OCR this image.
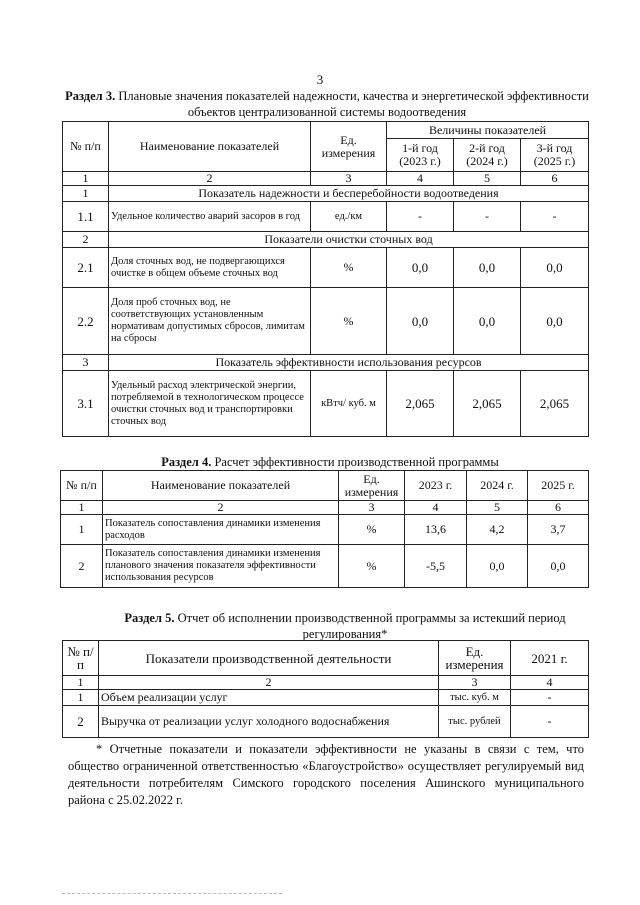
3
Раздел 3. Плановые значения показателей надежности, качества и энергетической эффективности объектов централизованной системы водоотведения
№ п/п	Наименование показателей	Ед. измерения	Величины показателей		
			1-й год (2023 г.)	2-й год (2024 г.)	3-й год (2025 г.)
1	2	3	4	5	6
1	Показатель надежности и бесперебойности водоотведения				
1.1	Удельное количество аварий засоров в год	ед./км	-	-	-
2	Показатели очистки сточных вод				
2.1	Доля сточных вод, не подвергающихся очистке в общем объеме сточных вод	%	0,0	0,0	0,0
2.2	Доля проб сточных вод, не соответствующих установленным нормативам допустимых сбросов, лимитам на сбросы	%	0,0	0,0	0,0
3	Показатель эффективности использования ресурсов				
3.1	Удельный расход электрической энергии, потребляемой в технологическом процессе очистки сточных вод и транспортировки сточных вод	кВтч/ куб. м	2,065	2,065	2,065
Раздел 4. Расчет эффективности производственной программы
№ п/п	Наименование показателей	Ед. измерения	2023 г.	2024 г.	2025 г.
1	2	3	4	5	6
1	Показатель сопоставления динамики изменения расходов	%	13,6	4,2	3,7
2	Показатель сопоставления динамики изменения планового значения показателя эффективности использования ресурсов	%	-5,5	0,0	0,0
Раздел 5. Отчет об исполнении производственной программы за истекший период регулирования*
№ п/п	Показатели производственной деятельности	Ед. измерения	2021 г.
1	2	3	4
1	Объем реализации услуг	тыс. куб. м	-
2	Выручка от реализации услуг холодного водоснабжения	тыс. рублей	-

* Отчетные показатели и показатели эффективности не указаны в связи с тем, что общество ограниченной ответственностью «Благоустройство» осуществляет регулируемый вид деятельности потребителям Симского городского поселения Ашинского муниципального района с 25.02.2022 г.
